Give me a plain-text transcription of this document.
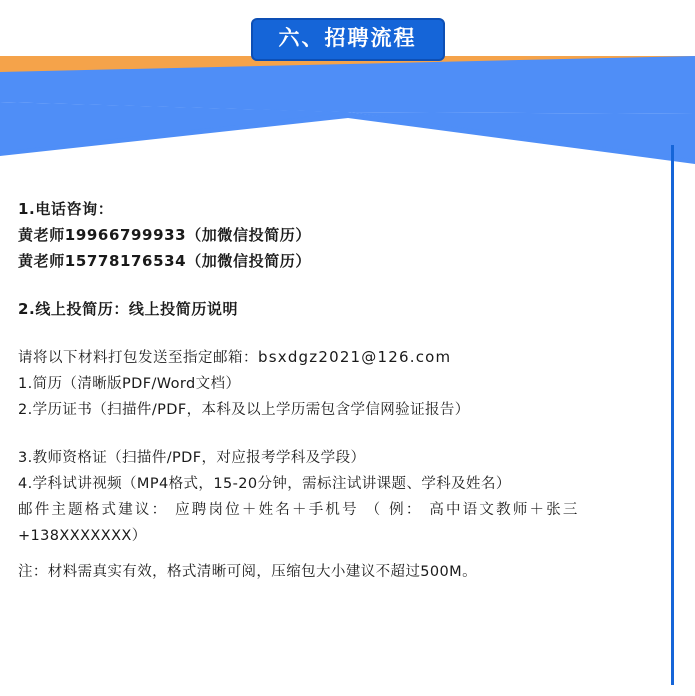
六、招聘流程
1.电话咨询：
黄老师19966799933（加微信投简历）
黄老师15778176534（加微信投简历）
2.线上投简历：线上投简历说明
请将以下材料打包发送至指定邮箱：bsxdgz2021@126.com
1.简历（清晰版PDF/Word文档）
2.学历证书（扫描件/PDF，本科及以上学历需包含学信网验证报告）
3.教师资格证（扫描件/PDF，对应报考学科及学段）
4.学科试讲视频（MP4格式，15-20分钟，需标注试讲课题、学科及姓名）
邮件主题格式建议： 应聘岗位＋姓名＋手机号 （ 例： 高中语文教师＋张三
+138XXXXXXX）
注：材料需真实有效，格式清晰可阅，压缩包大小建议不超过500M。
